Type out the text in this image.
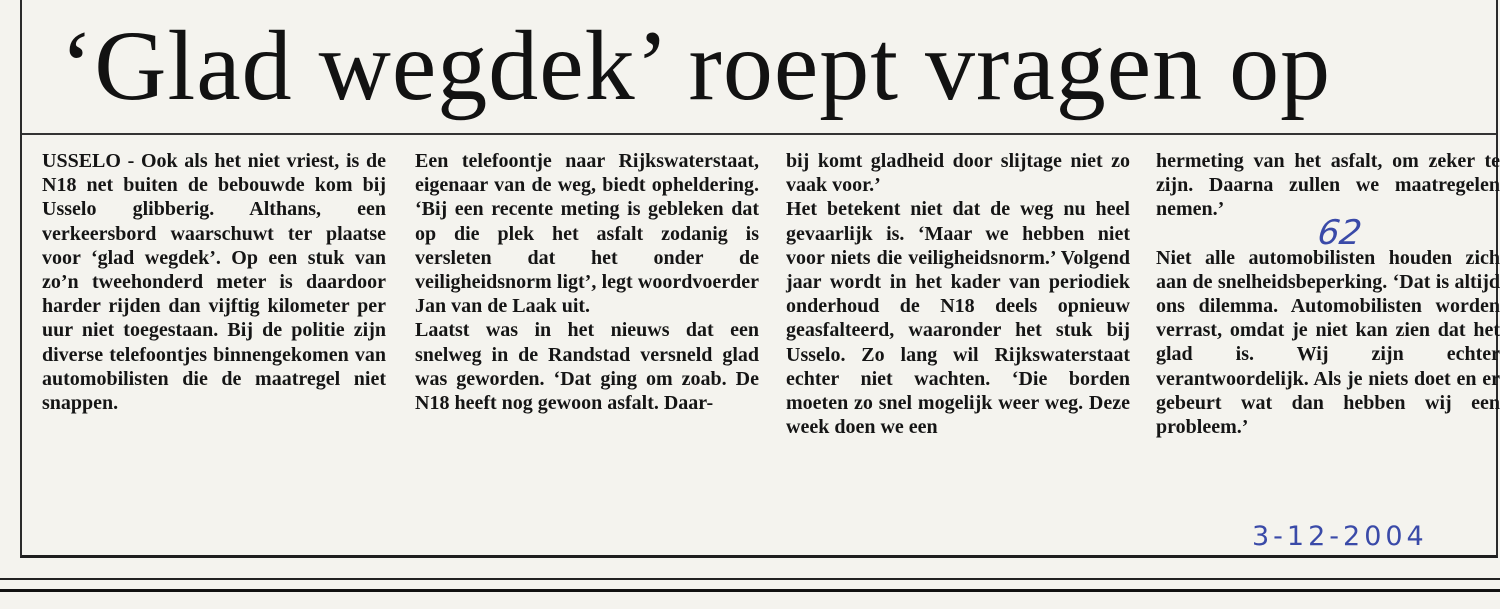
‘Glad wegdek’ roept vragen op

USSELO - Ook als het niet vriest, is de N18 net buiten de bebouwde kom bij Usselo glibberig. Althans, een verkeersbord waarschuwt ter plaatse voor ‘glad wegdek’. Op een stuk van zo’n tweehonderd meter is daardoor harder rijden dan vijftig kilometer per uur niet toegestaan. Bij de politie zijn diverse telefoontjes binnengekomen van automobilisten die de maatregel niet snappen.

Een telefoontje naar Rijkswaterstaat, eigenaar van de weg, biedt opheldering. ‘Bij een recente meting is gebleken dat op die plek het asfalt zodanig is versleten dat het onder de veiligheidsnorm ligt’, legt woordvoerder Jan van de Laak uit.

Laatst was in het nieuws dat een snelweg in de Randstad versneld glad was geworden. ‘Dat ging om zoab. De N18 heeft nog gewoon asfalt. Daar-

bij komt gladheid door slijtage niet zo vaak voor.’

Het betekent niet dat de weg nu heel gevaarlijk is. ‘Maar we hebben niet voor niets die veiligheidsnorm.’ Volgend jaar wordt in het kader van periodiek onderhoud de N18 deels opnieuw geasfalteerd, waaronder het stuk bij Usselo. Zo lang wil Rijkswaterstaat echter niet wachten. ‘Die borden moeten zo snel mogelijk weer weg. Deze week doen we een

hermeting van het asfalt, om zeker te zijn. Daarna zullen we maatregelen nemen.’

Niet alle automobilisten houden zich aan de snelheidsbeperking. ‘Dat is altijd ons dilemma. Automobilisten worden verrast, omdat je niet kan zien dat het glad is. Wij zijn echter verantwoordelijk. Als je niets doet en er gebeurt wat dan hebben wij een probleem.’

62
3-12-2004
